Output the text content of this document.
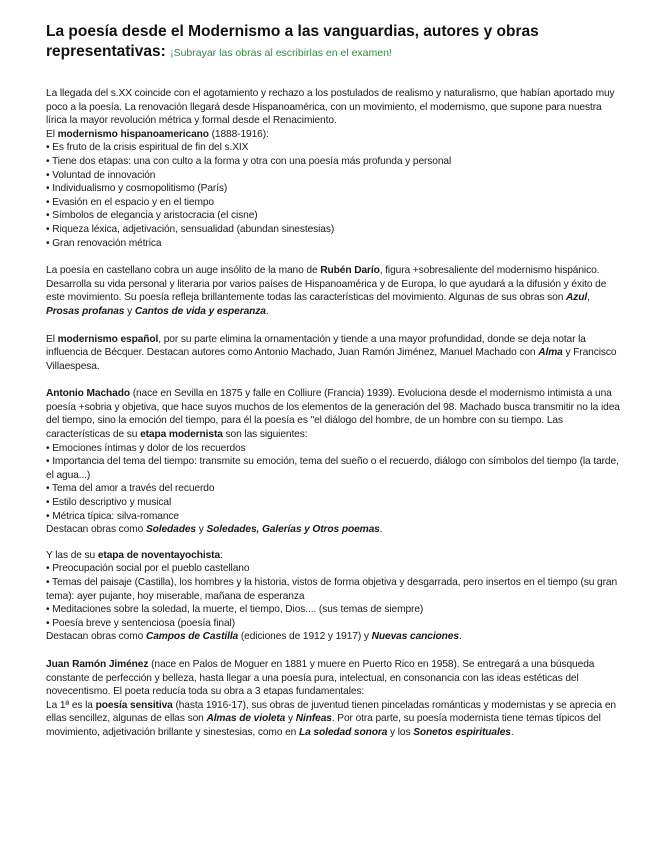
La poesía desde el Modernismo a las vanguardias, autores y obras representativas: ¡Subrayar las obras al escribirlas en el examen!

La llegada del s.XX coincide con el agotamiento y rechazo a los postulados de realismo y naturalismo, que habían aportado muy poco a la poesía. La renovación llegará desde Hispanoamérica, con un movimiento, el modernismo, que supone para nuestra lírica la mayor revolución métrica y formal desde el Renacimiento.

El modernismo hispanoamericano (1888-1916):

• Es fruto de la crisis espiritual de fin del s.XIX
• Tiene dos etapas: una con culto a la forma y otra con una poesía más profunda y personal
• Voluntad de innovación
• Individualismo y cosmopolitismo (París)
• Evasión en el espacio y en el tiempo
• Símbolos de elegancia y aristocracia (el cisne)
• Riqueza léxica, adjetivación, sensualidad (abundan sinestesias)
• Gran renovación métrica

La poesía en castellano cobra un auge insólito de la mano de Rubén Darío, figura +sobresaliente del modernismo hispánico. Desarrolla su vida personal y literaria por varios países de Hispanoamérica y de Europa, lo que ayudará a la difusión y éxito de este movimiento. Su poesía refleja brillantemente todas las características del movimiento. Algunas de sus obras son Azul, Prosas profanas y Cantos de vida y esperanza.

El modernismo español, por su parte elimina la ornamentación y tiende a una mayor profundidad, donde se deja notar la influencia de Bécquer. Destacan autores como Antonio Machado, Juan Ramón Jiménez, Manuel Machado con Alma y Francisco Villaespesa.

Antonio Machado (nace en Sevilla en 1875 y falle en Colliure (Francia) 1939). Evoluciona desde el modernismo intimista a una poesía +sobria y objetiva, que hace suyos muchos de los elementos de la generación del 98. Machado busca transmitir no la idea del tiempo, sino la emoción del tiempo, para él la poesía es "el diálogo del hombre, de un hombre con su tiempo. Las características de su etapa modernista son las siguientes:

• Emociones íntimas y dolor de los recuerdos
• Importancia del tema del tiempo: transmite su emoción, tema del sueño o el recuerdo, diálogo con símbolos del tiempo (la tarde, el agua...)
• Tema del amor a través del recuerdo
• Estilo descriptivo y musical
• Métrica típica: silva-romance

Destacan obras como Soledades y Soledades, Galerías y Otros poemas.

Y las de su etapa de noventayochista:

• Preocupación social por el pueblo castellano
• Temas del paisaje (Castilla), los hombres y la historia, vistos de forma objetiva y desgarrada, pero insertos en el tiempo (su gran tema): ayer pujante, hoy miserable, mañana de esperanza
• Meditaciones sobre la soledad, la muerte, el tiempo, Dios.... (sus temas de siempre)
• Poesía breve y sentenciosa (poesía final)

Destacan obras como Campos de Castilla (ediciones de 1912 y 1917) y Nuevas canciones.

Juan Ramón Jiménez (nace en Palos de Moguer en 1881 y muere en Puerto Rico en 1958). Se entregará a una búsqueda constante de perfección y belleza, hasta llegar a una poesía pura, intelectual, en consonancia con las ideas estéticas del novecentismo. El poeta reducía toda su obra a 3 etapas fundamentales:

La 1ª es la poesía sensitiva (hasta 1916-17), sus obras de juventud tienen pinceladas románticas y modernistas y se aprecia en ellas sencillez, algunas de ellas son Almas de violeta y Ninfeas. Por otra parte, su poesía modernista tiene temas típicos del movimiento, adjetivación brillante y sinestesias, como en La soledad sonora y los Sonetos espirituales.
